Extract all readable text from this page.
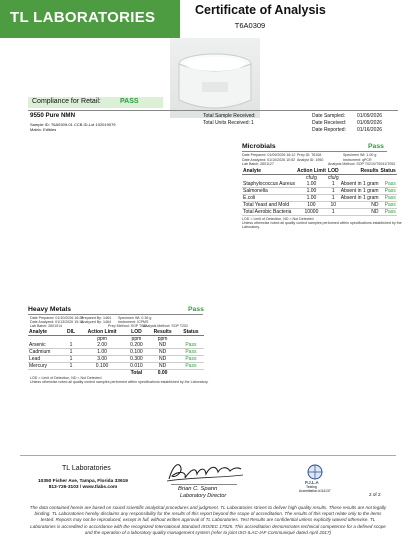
TL LABORATORIES	Certificate of Analysis
T6A0309
Compliance for Retail:	PASS
9550 Pure NMN
Sample ID: T6A0309-01 CCB ID-Lot 102019079
Matrix: Edibles
Total Sample Received:
Total Units Received: 1
Date Sampled: 01/09/2026
Date Received: 01/09/2026
Date Reported: 01/16/2026
Microbials	Pass
Date Prepared: 01/09/2026 16:12
Date Analyzed: 01/10/2026 10:52
Lab Batch: 2601127
Prep ID: T6108
Analyst ID: 1950
Specimen Wt: 1.00 g
Instrument: qPCR
Analysis Method: SOP T0210/T0041/T052
Analyte	Action Limit	LOD	Results	Status
	cfu/g	cfu/g		
Staphylococcus Aureus	1.00	1	Absent in 1 gram	Pass
Salmonella	1.00	1	Absent in 1 gram	Pass
E.coli	1.00	1	Absent in 1 gram	Pass
Total Yeast and Mold	100	10	ND	Pass
Total Aerobic Bacteria	10000	1	ND	Pass
LOD = Limit of Detection, ND = Not Detected
Unless otherwise noted all quality control samples performed within specifications established by the
Laboratory.
Heavy Metals	Pass
Date Prepared: 01/10/2026 16:24
Date Analyzed: 01/13/2026 15:15
Lab Batch: 2601014
Prepared By: 1464
Analyzed By: 1464
Specimen Wt: 0.36 g
Instrument: ICPMS
Prep Method: SOP T052
Analysis Method: SOP T202
Analyte	DIL	Action Limit	LOD	Results	Status
		ppm	ppm	ppm	
Arsenic	1	2.00	0.200	ND	Pass
Cadmium	1	1.00	0.100	ND	Pass
Lead	1	3.00	0.300	ND	Pass
Mercury	1	0.100	0.010	ND	Pass
			Total	0.00	
LOD = Limit of Detection, ND = Not Detected
Unless otherwise noted all quality control samples performed within specifications established by the Laboratory.
TL Laboratories
10350 Fisher Ave, Tampa, Florida 33619
813-726-3103 / www.tlabs.com	Brian C. Spann
Laboratory Director
P.J.L.A
Testing
Accreditation #114137
2 of 2
The data contained herein are based on sound scientific analytical procedures and judgment. TL Laboratories strives to deliver high quality results. These results are not legally binding. TL Laboratories hereby disclaims any responsibility for the results of this report beyond the scope of accreditation. The results of this report relate only to the items tested. Reports may not be reproduced, except in full, without written approval of TL Laboratories. Test Results are confidential unless explicitly waived otherwise. TL Laboratories is accredited in accordance with the recognized International Standard ISO/IEC 17025. This accreditation demonstrates technical competence for a defined scope and the operation of a laboratory quality management system (refer to joint ISO-ILAC-IAF Communiqué dated April 2017)
